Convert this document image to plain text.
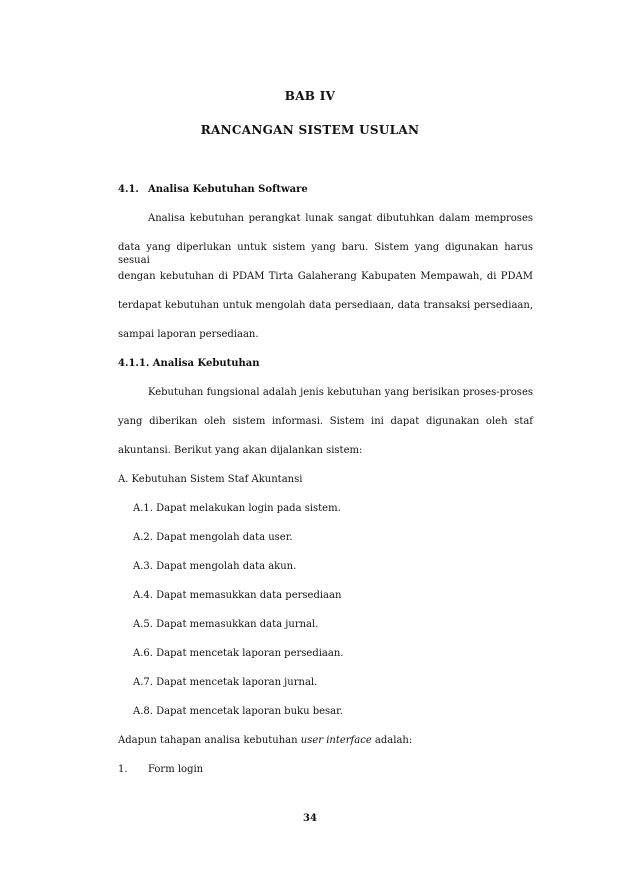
BAB IV
RANCANGAN SISTEM USULAN
4.1. Analisa Kebutuhan Software
Analisa kebutuhan perangkat lunak sangat dibutuhkan dalam memproses
data yang diperlukan untuk sistem yang baru. Sistem yang digunakan harus sesuai
dengan kebutuhan di PDAM Tirta Galaherang Kabupaten Mempawah, di PDAM
terdapat kebutuhan untuk mengolah data persediaan, data transaksi persediaan,
sampai laporan persediaan.
4.1.1. Analisa Kebutuhan
Kebutuhan fungsional adalah jenis kebutuhan yang berisikan proses-proses
yang diberikan oleh sistem informasi. Sistem ini dapat digunakan oleh staf
akuntansi. Berikut yang akan dijalankan sistem:
A. Kebutuhan Sistem Staf Akuntansi
A.1. Dapat melakukan login pada sistem.
A.2. Dapat mengolah data user.
A.3. Dapat mengolah data akun.
A.4. Dapat memasukkan data persediaan
A.5. Dapat memasukkan data jurnal.
A.6. Dapat mencetak laporan persediaan.
A.7. Dapat mencetak laporan jurnal.
A.8. Dapat mencetak laporan buku besar.
Adapun tahapan analisa kebutuhan user interface adalah:
1. Form login
34
